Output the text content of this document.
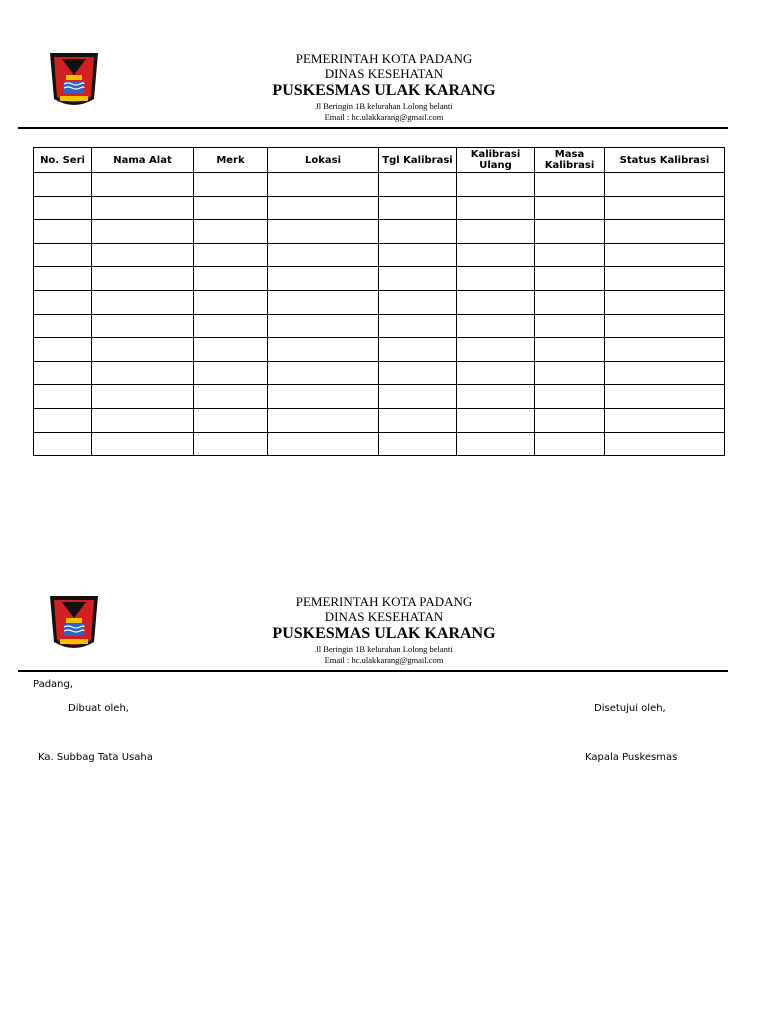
PEMERINTAH KOTA PADANG
DINAS KESEHATAN
PUSKESMAS ULAK KARANG
Jl Beringin 1B kelurahan Lolong belanti
Email : hc.ulakkarang@gmail.com
No. Seri	Nama Alat	Merk	Lokasi	Tgl Kalibrasi	Kalibrasi Ulang	Masa Kalibrasi	Status Kalibrasi

PEMERINTAH KOTA PADANG
DINAS KESEHATAN
PUSKESMAS ULAK KARANG
Jl Beringin 1B kelurahan Lolong belanti
Email : hc.ulakkarang@gmail.com
Padang,
Dibuat oleh,	Disetujui oleh,
Ka. Subbag Tata Usaha	Kapala Puskesmas
